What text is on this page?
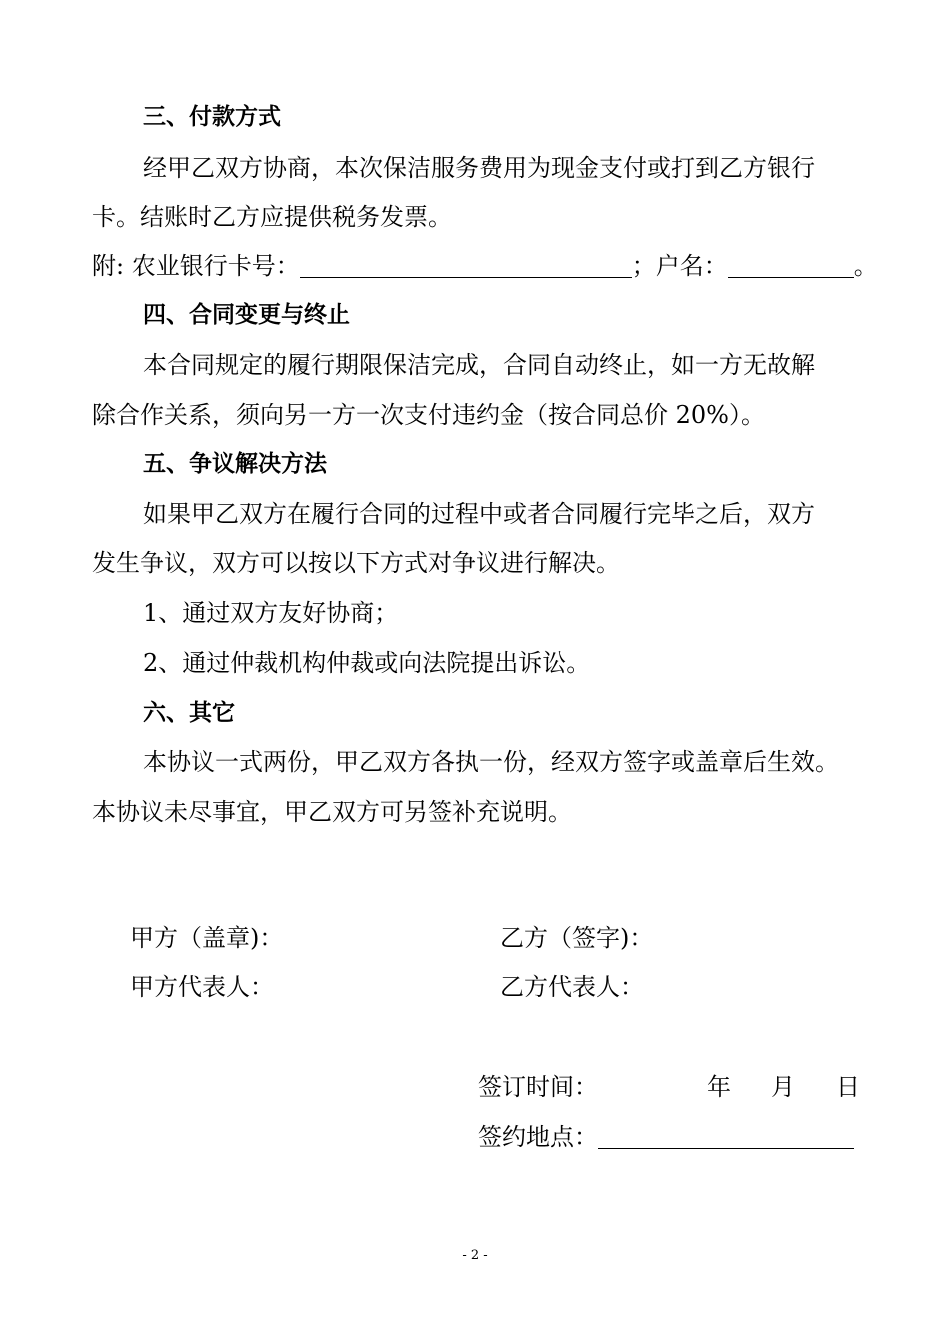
三、付款方式
经甲乙双方协商，本次保洁服务费用为现金支付或打到乙方银行
卡。结账时乙方应提供税务发票。
附: 农业银行卡号：	；户名：	。
四、合同变更与终止
本合同规定的履行期限保洁完成，合同自动终止，如一方无故解
除合作关系，须向另一方一次支付违约金（按合同总价 20%）。
五、争议解决方法
如果甲乙双方在履行合同的过程中或者合同履行完毕之后，双方
发生争议，双方可以按以下方式对争议进行解决。
1、通过双方友好协商；
2、通过仲裁机构仲裁或向法院提出诉讼。
六、其它
本协议一式两份，甲乙双方各执一份，经双方签字或盖章后生效。
本协议未尽事宜，甲乙双方可另签补充说明。
甲方（盖章)：	乙方（签字)：
甲方代表人：	乙方代表人：
签订时间：	年 月 日
签约地点：
- 2 -
